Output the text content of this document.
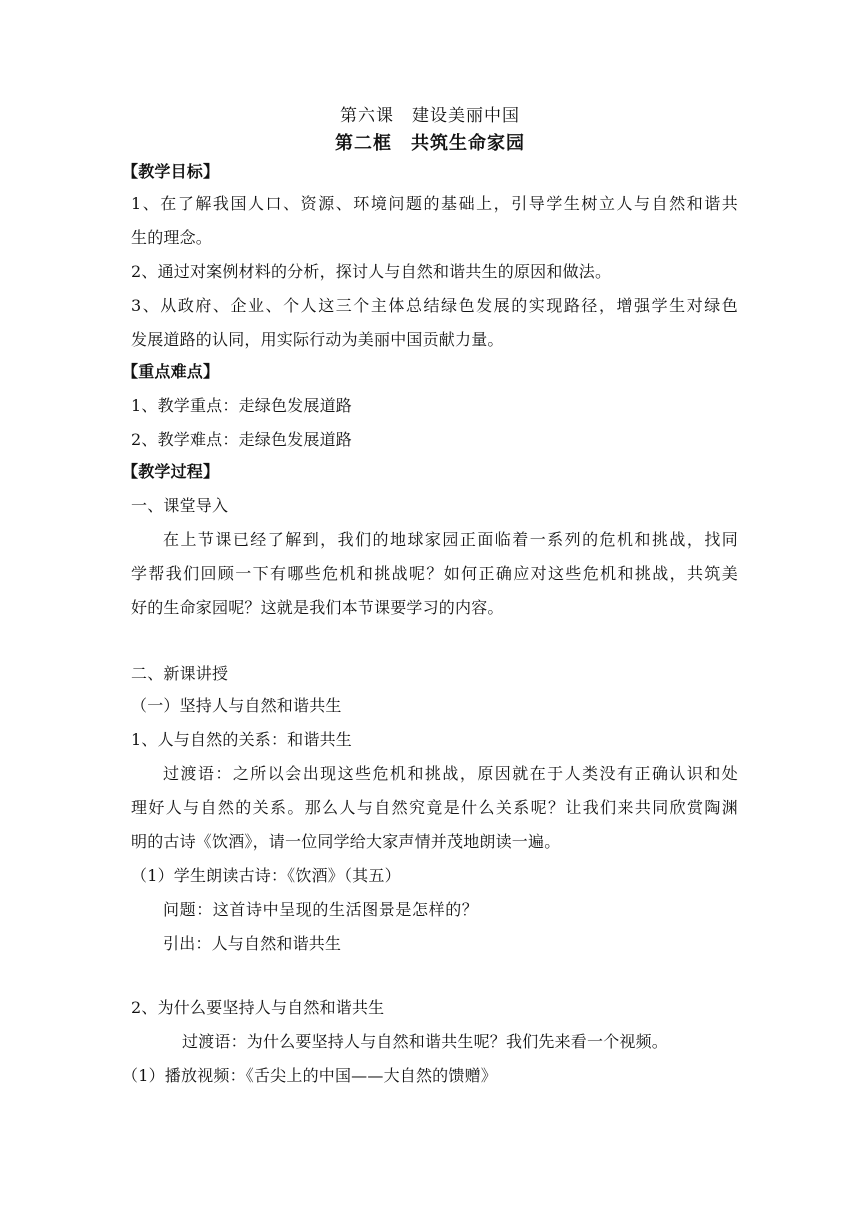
第六课　建设美丽中国
第二框　共筑生命家园
【教学目标】
1、在了解我国人口、资源、环境问题的基础上，引导学生树立人与自然和谐共
生的理念。
2、通过对案例材料的分析，探讨人与自然和谐共生的原因和做法。
3、从政府、企业、个人这三个主体总结绿色发展的实现路径，增强学生对绿色
发展道路的认同，用实际行动为美丽中国贡献力量。
【重点难点】
1、教学重点：走绿色发展道路
2、教学难点：走绿色发展道路
【教学过程】
一、课堂导入
在上节课已经了解到，我们的地球家园正面临着一系列的危机和挑战，找同
学帮我们回顾一下有哪些危机和挑战呢？如何正确应对这些危机和挑战，共筑美
好的生命家园呢？这就是我们本节课要学习的内容。
二、新课讲授
（一）坚持人与自然和谐共生
1、人与自然的关系：和谐共生
过渡语：之所以会出现这些危机和挑战，原因就在于人类没有正确认识和处
理好人与自然的关系。那么人与自然究竟是什么关系呢？让我们来共同欣赏陶渊
明的古诗《饮酒》，请一位同学给大家声情并茂地朗读一遍。
（1）学生朗读古诗：《饮酒》（其五）
问题：这首诗中呈现的生活图景是怎样的？
引出：人与自然和谐共生
2、为什么要坚持人与自然和谐共生
过渡语：为什么要坚持人与自然和谐共生呢？我们先来看一个视频。
（1）播放视频：《舌尖上的中国——大自然的馈赠》
